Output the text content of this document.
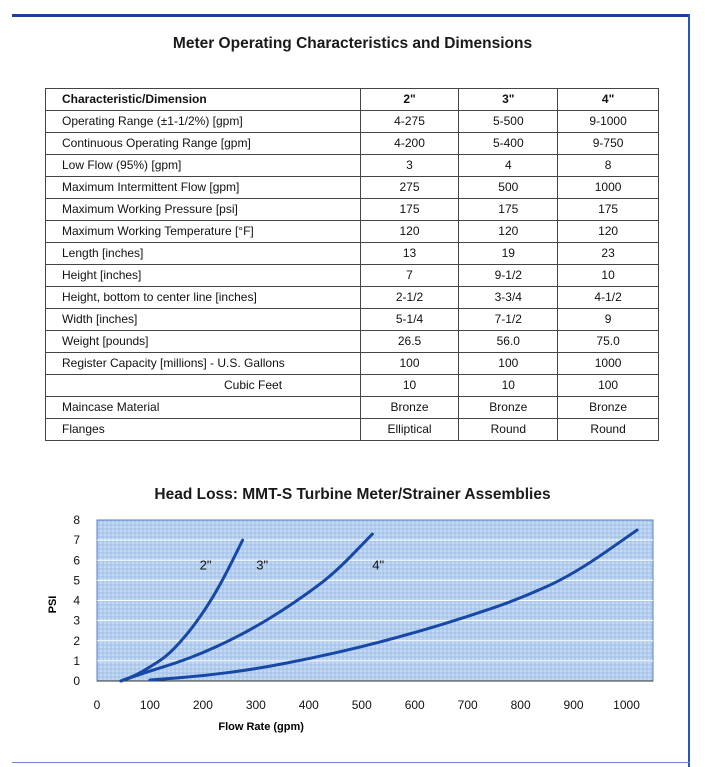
Meter Operating Characteristics and Dimensions
Characteristic/Dimension	2"	3"	4"
Operating Range (±1-1/2%) [gpm]	4-275	5-500	9-1000
Continuous Operating Range [gpm]	4-200	5-400	9-750
Low Flow (95%) [gpm]	3	4	8
Maximum Intermittent Flow [gpm]	275	500	1000
Maximum Working Pressure [psi]	175	175	175
Maximum Working Temperature [°F]	120	120	120
Length [inches]	13	19	23
Height [inches]	7	9-1/2	10
Height, bottom to center line [inches]	2-1/2	3-3/4	4-1/2
Width [inches]	5-1/4	7-1/2	9
Weight [pounds]	26.5	56.0	75.0
Register Capacity [millions] - U.S. Gallons	100	100	1000
Cubic Feet	10	10	100
Maincase Material	Bronze	Bronze	Bronze
Flanges	Elliptical	Round	Round
Head Loss: MMT-S Turbine Meter/Strainer Assemblies
2"	3"	4"
0
1
2
3
4
5
6
7
8
0	100	200	300	400	500	600	700	800	900 1000
Flow Rate (gpm)
PSI
